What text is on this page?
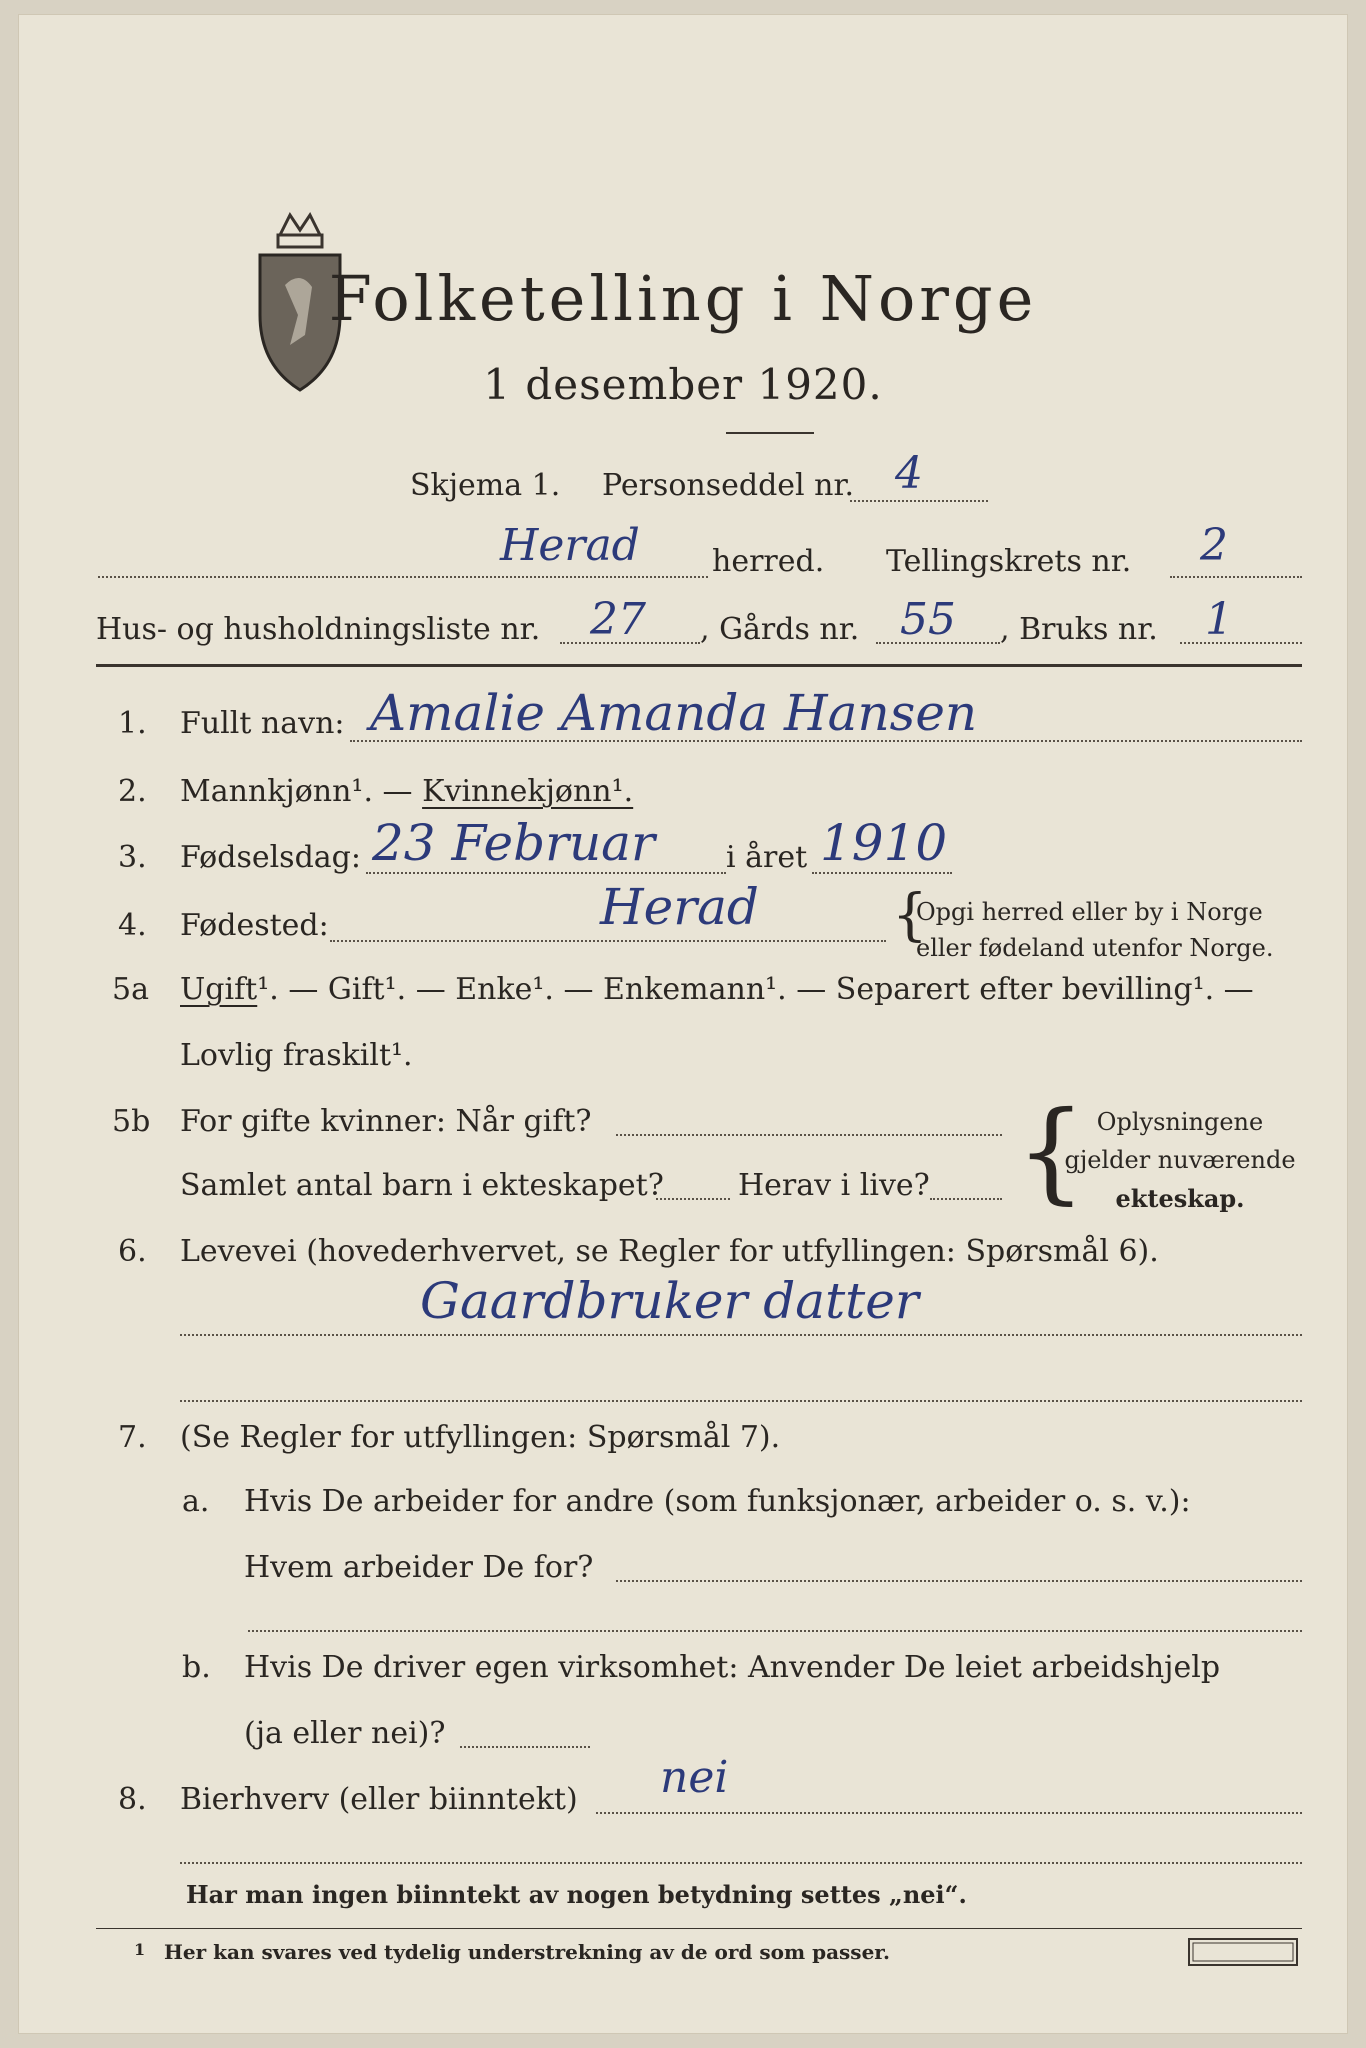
Folketelling i Norge
1 desember 1920.
Skjema 1. Personseddel nr. 4
Herad herred. Tellingskrets nr. 2
Hus- og husholdningsliste nr. 27 , Gårds nr. 55 , Bruks nr. 1
1. Fullt navn: Amalie Amanda Hansen
2. Mannkjønn¹. — Kvinnekjønn¹.
3. Fødselsdag: 23 Februar i året 1910
4. Fødested:	Herad {
Opgi herred eller by i Norge
eller fødeland utenfor Norge.
5a Ugift¹. — Gift¹. — Enke¹. — Enkemann¹. — Separert efter bevilling¹. —
Lovlig fraskilt¹.
5b For gifte kvinner: Når gift?
Samlet antal barn i ekteskapet? Herav i live? { Oplysningene
gjelder nuværende
ekteskap.
6. Levevei (hovederhvervet, se Regler for utfyllingen: Spørsmål 6).
Gaardbruker datter
7. (Se Regler for utfyllingen: Spørsmål 7).
a. Hvis De arbeider for andre (som funksjonær, arbeider o. s. v.):
Hvem arbeider De for?
b. Hvis De driver egen virksomhet: Anvender De leiet arbeidshjelp
(ja eller nei)?
8. Bierhverv (eller biinntekt) nei
Har man ingen biinntekt av nogen betydning settes „nei“.
1 Her kan svares ved tydelig understrekning av de ord som passer.
